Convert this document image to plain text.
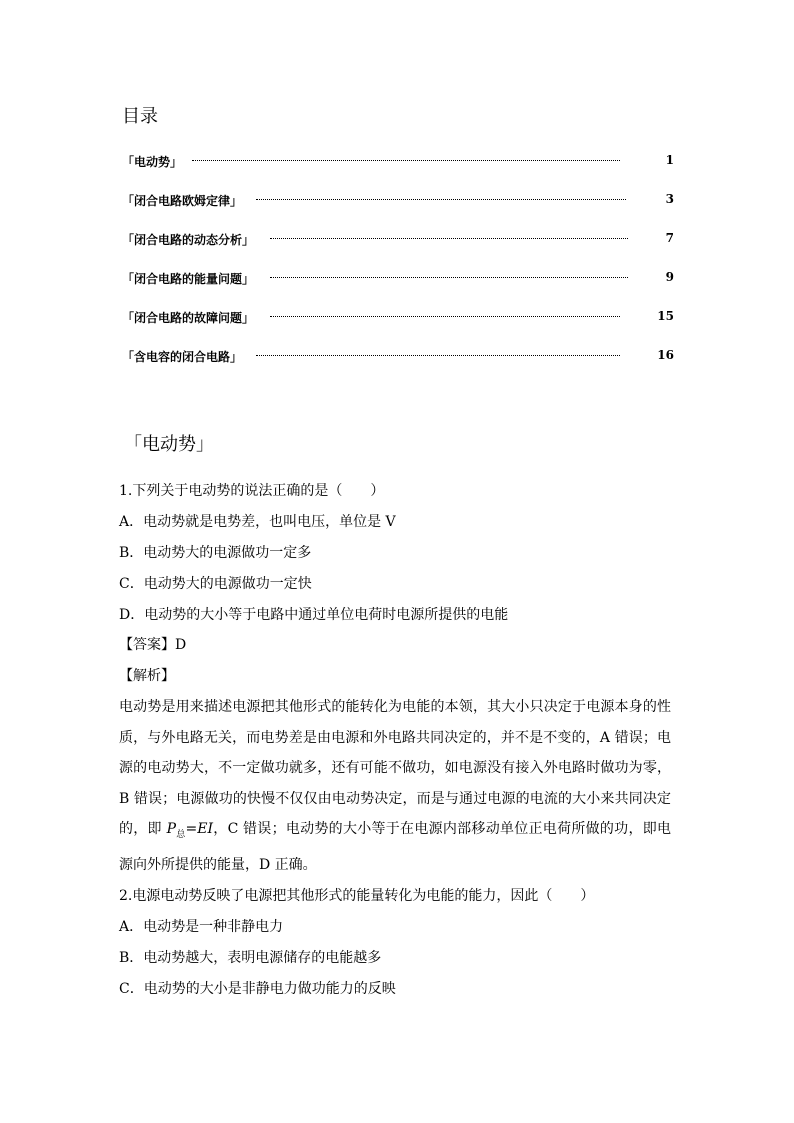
目录
「电动势」	1
「闭合电路欧姆定律」	3
「闭合电路的动态分析」	7
「闭合电路的能量问题」	9
「闭合电路的故障问题」	15
「含电容的闭合电路」	16
「电动势」
1.下列关于电动势的说法正确的是（　　）
A．电动势就是电势差，也叫电压，单位是 V
B．电动势大的电源做功一定多
C．电动势大的电源做功一定快
D．电动势的大小等于电路中通过单位电荷时电源所提供的电能
【答案】D
【解析】
电动势是用来描述电源把其他形式的能转化为电能的本领，其大小只决定于电源本身的性质，与外电路无关，而电势差是由电源和外电路共同决定的，并不是不变的，A 错误；电源的电动势大，不一定做功就多，还有可能不做功，如电源没有接入外电路时做功为零，B 错误；电源做功的快慢不仅仅由电动势决定，而是与通过电源的电流的大小来共同决定的，即 $P_总=EI$，C 错误；电动势的大小等于在电源内部移动单位正电荷所做的功，即电源向外所提供的能量，D 正确。
2.电源电动势反映了电源把其他形式的能量转化为电能的能力，因此（　　）
A．电动势是一种非静电力
B．电动势越大，表明电源储存的电能越多
C．电动势的大小是非静电力做功能力的反映
